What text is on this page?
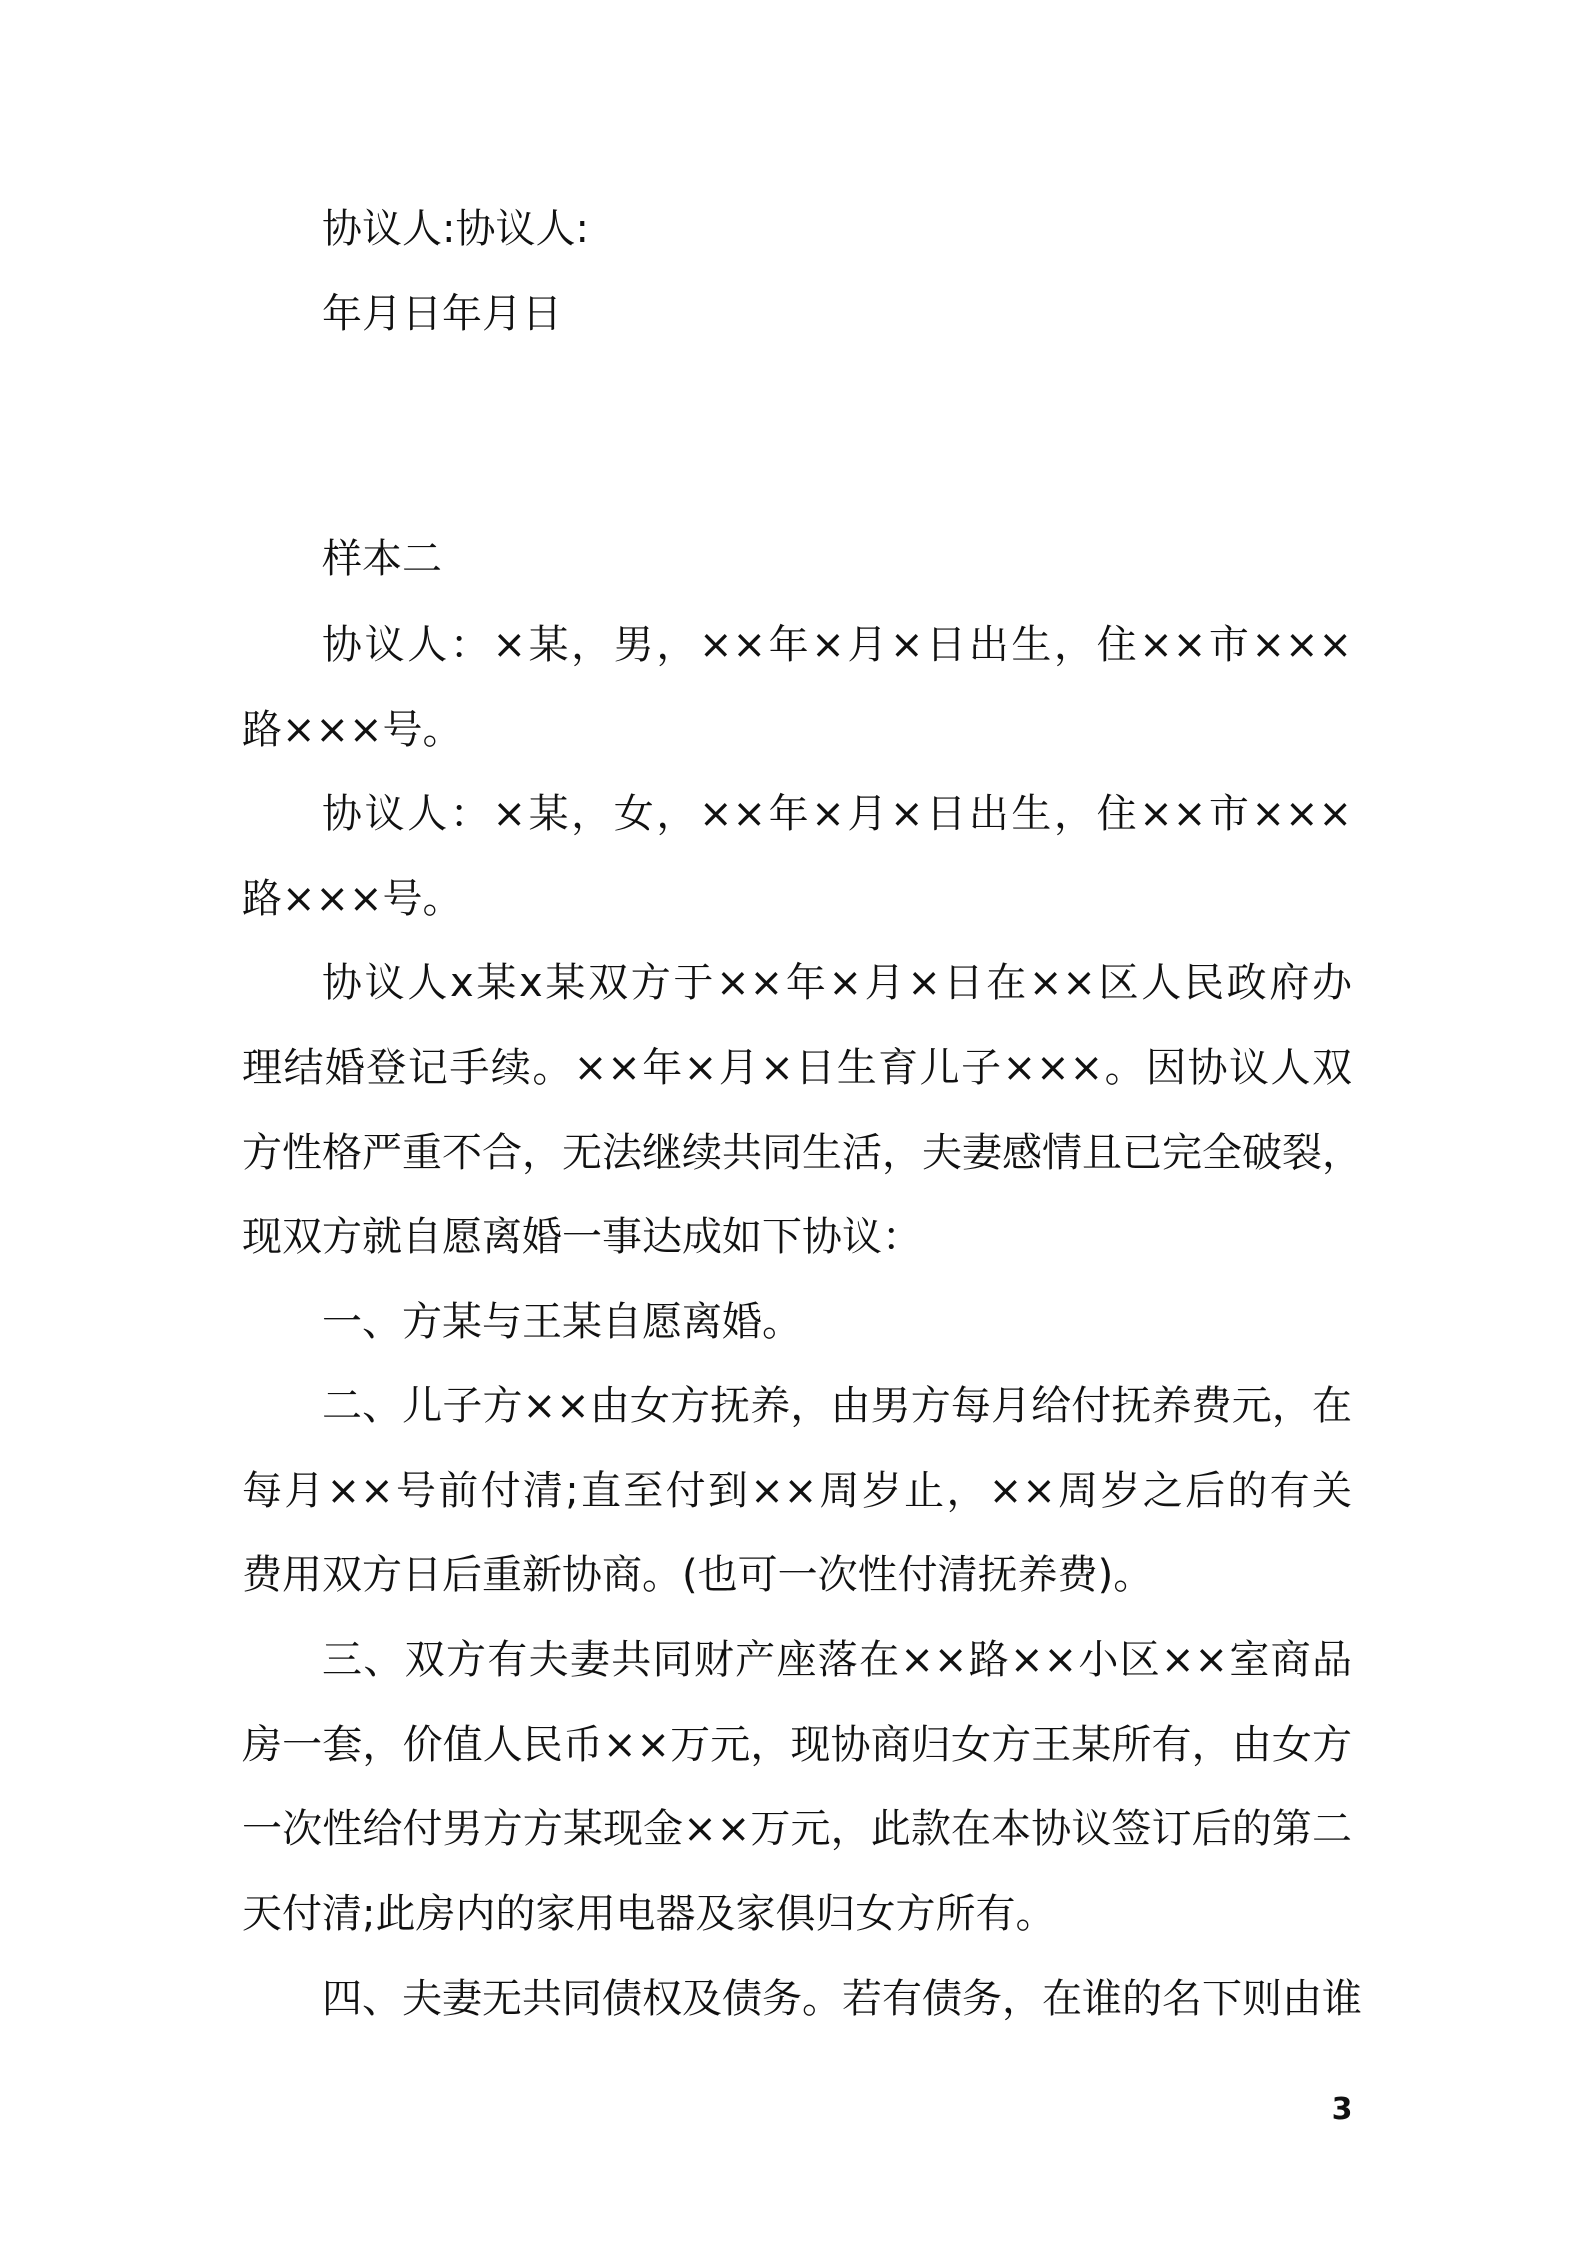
协议人:协议人:
年月日年月日
样本二
协议人：×某，男，××年×月×日出生，住××市×××
路×××号。
协议人：×某，女，××年×月×日出生，住××市×××
路×××号。
协议人x某x某双方于××年×月×日在××区人民政府办
理结婚登记手续。××年×月×日生育儿子×××。因协议人双
方性格严重不合，无法继续共同生活，夫妻感情且已完全破裂，
现双方就自愿离婚一事达成如下协议：
一、方某与王某自愿离婚。
二、儿子方××由女方抚养，由男方每月给付抚养费元，在
每月××号前付清;直至付到××周岁止，××周岁之后的有关
费用双方日后重新协商。(也可一次性付清抚养费)。
三、双方有夫妻共同财产座落在××路××小区××室商品
房一套，价值人民币××万元，现协商归女方王某所有，由女方
一次性给付男方方某现金××万元，此款在本协议签订后的第二
天付清;此房内的家用电器及家俱归女方所有。
四、夫妻无共同债权及债务。若有债务，在谁的名下则由谁
3
